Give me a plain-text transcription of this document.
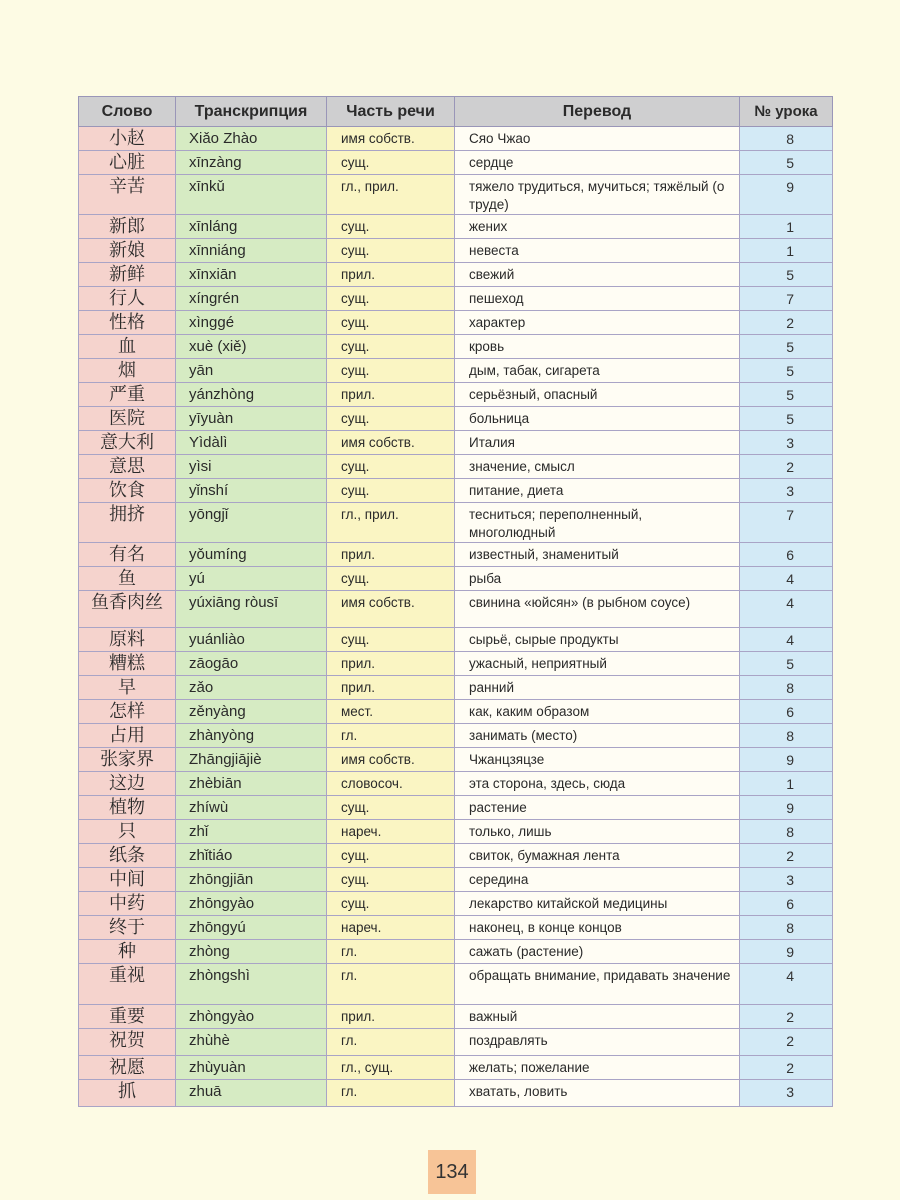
Слово	Транскрипция	Часть речи	Перевод	№ урока
小赵	Xiǎo Zhào	имя собств.	Сяо Чжао	8
心脏	xīnzàng	сущ.	сердце	5
辛苦	xīnkǔ	гл., прил.	тяжело трудиться, мучиться; тяжёлый (о труде)	9
新郎	xīnláng	сущ.	жених	1
新娘	xīnniáng	сущ.	невеста	1
新鲜	xīnxiān	прил.	свежий	5
行人	xíngrén	сущ.	пешеход	7
性格	xìnggé	сущ.	характер	2
血	xuè (xiě)	сущ.	кровь	5
烟	yān	сущ.	дым, табак, сигарета	5
严重	yánzhòng	прил.	серьёзный, опасный	5
医院	yīyuàn	сущ.	больница	5
意大利	Yìdàlì	имя собств.	Италия	3
意思	yìsi	сущ.	значение, смысл	2
饮食	yǐnshí	сущ.	питание, диета	3
拥挤	yōngjǐ	гл., прил.	тесниться; переполненный, многолюдный	7
有名	yǒumíng	прил.	известный, знаменитый	6
鱼	yú	сущ.	рыба	4
鱼香肉丝	yúxiāng ròusī	имя собств.	свинина «юйсян» (в рыбном соусе)	4
原料	yuánliào	сущ.	сырьё, сырые продукты	4
糟糕	zāogāo	прил.	ужасный, неприятный	5
早	zǎo	прил.	ранний	8
怎样	zěnyàng	мест.	как, каким образом	6
占用	zhànyòng	гл.	занимать (место)	8
张家界	Zhāngjiājiè	имя собств.	Чжанцзяцзе	9
这边	zhèbiān	словосоч.	эта сторона, здесь, сюда	1
植物	zhíwù	сущ.	растение	9
只	zhǐ	нареч.	только, лишь	8
纸条	zhǐtiáo	сущ.	свиток, бумажная лента	2
中间	zhōngjiān	сущ.	середина	3
中药	zhōngyào	сущ.	лекарство китайской медицины	6
终于	zhōngyú	нареч.	наконец, в конце концов	8
种	zhòng	гл.	сажать (растение)	9
重视	zhòngshì	гл.	обращать внимание, придавать значение	4
重要	zhòngyào	прил.	важный	2
祝贺	zhùhè	гл.	поздравлять	2
祝愿	zhùyuàn	гл., сущ.	желать; пожелание	2
抓	zhuā	гл.	хватать, ловить	3
134
